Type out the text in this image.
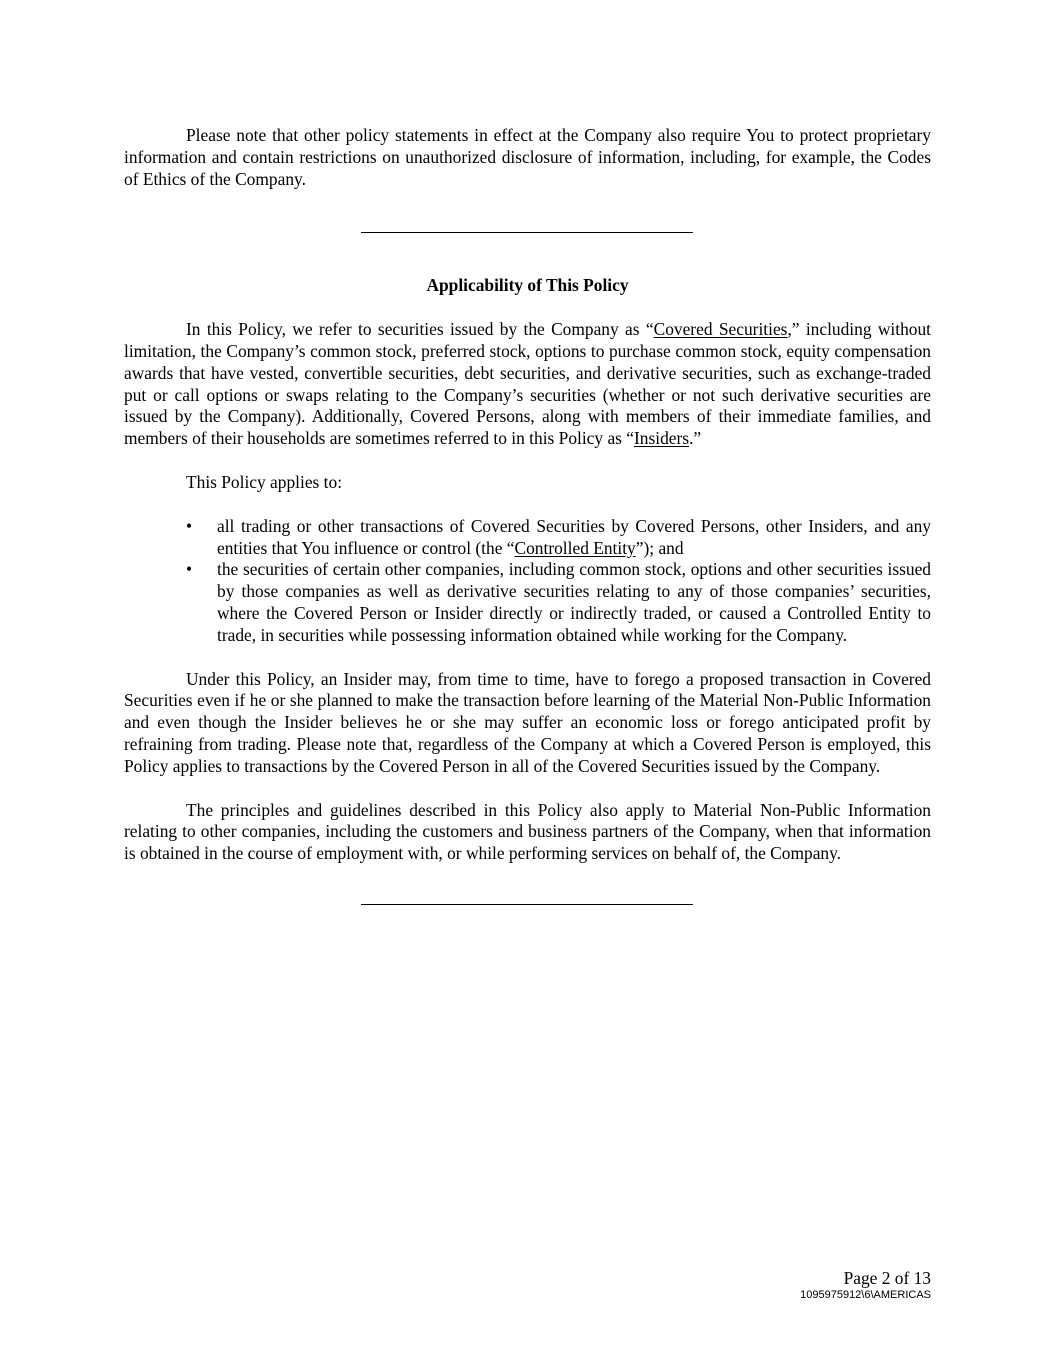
Please note that other policy statements in effect at the Company also require You to protect proprietary information and contain restrictions on unauthorized disclosure of information, including, for example, the Codes of Ethics of the Company.

Applicability of This Policy

In this Policy, we refer to securities issued by the Company as “Covered Securities,” including without limitation, the Company’s common stock, preferred stock, options to purchase common stock, equity compensation awards that have vested, convertible securities, debt securities, and derivative securities, such as exchange-traded put or call options or swaps relating to the Company’s securities (whether or not such derivative securities are issued by the Company). Additionally, Covered Persons, along with members of their immediate families, and members of their households are sometimes referred to in this Policy as “Insiders.”

This Policy applies to:

• all trading or other transactions of Covered Securities by Covered Persons, other Insiders, and any entities that You influence or control (the “Controlled Entity”); and
• the securities of certain other companies, including common stock, options and other securities issued by those companies as well as derivative securities relating to any of those companies’ securities, where the Covered Person or Insider directly or indirectly traded, or caused a Controlled Entity to trade, in securities while possessing information obtained while working for the Company.

Under this Policy, an Insider may, from time to time, have to forego a proposed transaction in Covered Securities even if he or she planned to make the transaction before learning of the Material Non-Public Information and even though the Insider believes he or she may suffer an economic loss or forego anticipated profit by refraining from trading. Please note that, regardless of the Company at which a Covered Person is employed, this Policy applies to transactions by the Covered Person in all of the Covered Securities issued by the Company.

The principles and guidelines described in this Policy also apply to Material Non-Public Information relating to other companies, including the customers and business partners of the Company, when that information is obtained in the course of employment with, or while performing services on behalf of, the Company.

Page 2 of 13
1095975912\6\AMERICAS
